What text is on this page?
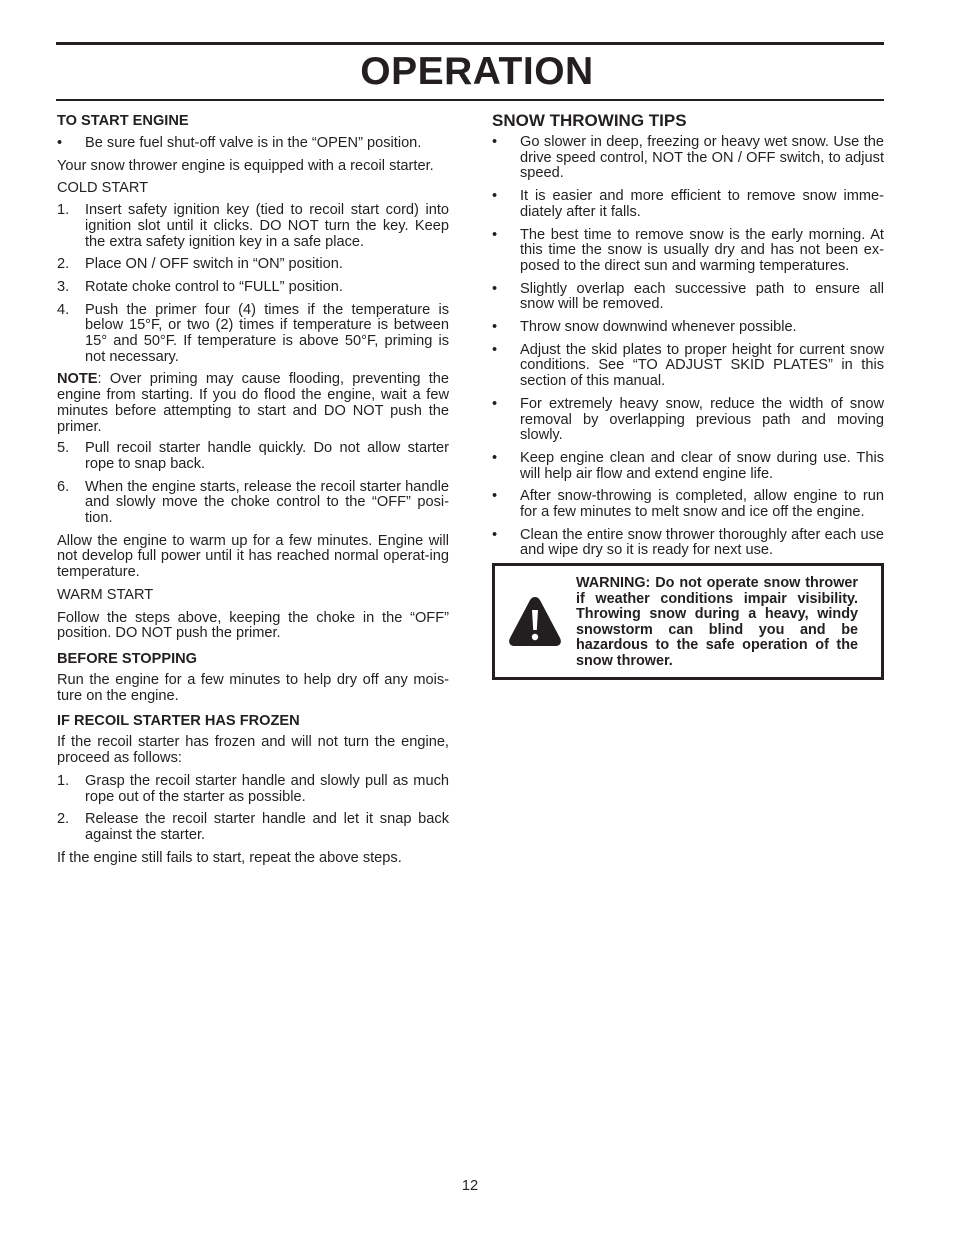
OPERATION
TO START ENGINE
•	Be sure fuel shut-off valve is in the “OPEN” position.

Your snow thrower engine is equipped with a recoil starter.

COLD START

1.	Insert safety ignition key (tied to recoil start cord) into ignition slot until it clicks. DO NOT turn the key. Keep the extra safety ignition key in a safe place.
2.	Place ON / OFF switch in “ON” position.
3.	Rotate choke control to “FULL” position.
4.	Push the primer four (4) times if the temperature is below 15°F, or two (2) times if temperature is between 15° and 50°F. If temperature is above 50°F, priming is not necessary.

NOTE: Over priming may cause flooding, preventing the engine from starting. If you do flood the engine, wait a few minutes before attempting to start and DO NOT push the primer.

5.	Pull recoil starter handle quickly. Do not allow starter rope to snap back.
6.	When the engine starts, release the recoil starter handle and slowly move the choke control to the “OFF” posi-tion.

Allow the engine to warm up for a few minutes. Engine will not develop full power until it has reached normal operat-ing temperature.

WARM START

Follow the steps above, keeping the choke in the “OFF” position. DO NOT push the primer.

BEFORE STOPPING

Run the engine for a few minutes to help dry off any mois-ture on the engine.

IF RECOIL STARTER HAS FROZEN

If the recoil starter has frozen and will not turn the engine, proceed as follows:

1.	Grasp the recoil starter handle and slowly pull as much rope out of the starter as possible.
2.	Release the recoil starter handle and let it snap back against the starter.

If the engine still fails to start, repeat the above steps.

SNOW THROWING TIPS
•	Go slower in deep, freezing or heavy wet snow. Use the drive speed control, NOT the ON / OFF switch, to adjust speed.
•	It is easier and more efficient to remove snow imme-diately after it falls.
•	The best time to remove snow is the early morning. At this time the snow is usually dry and has not been ex-posed to the direct sun and warming temperatures.
•	Slightly overlap each successive path to ensure all snow will be removed.
•	Throw snow downwind whenever possible.
•	Adjust the skid plates to proper height for current snow conditions. See “TO ADJUST SKID PLATES” in this section of this manual.
•	For extremely heavy snow, reduce the width of snow removal by overlapping previous path and moving slowly.
•	Keep engine clean and clear of snow during use. This will help air flow and extend engine life.
•	After snow-throwing is completed, allow engine to run for a few minutes to melt snow and ice off the engine.
•	Clean the entire snow thrower thoroughly after each use and wipe dry so it is ready for next use.
WARNING: Do not operate snow thrower if weather conditions impair visibility. Throwing snow during a heavy, windy snowstorm can blind you and be hazardous to the safe operation of the snow thrower.
12
